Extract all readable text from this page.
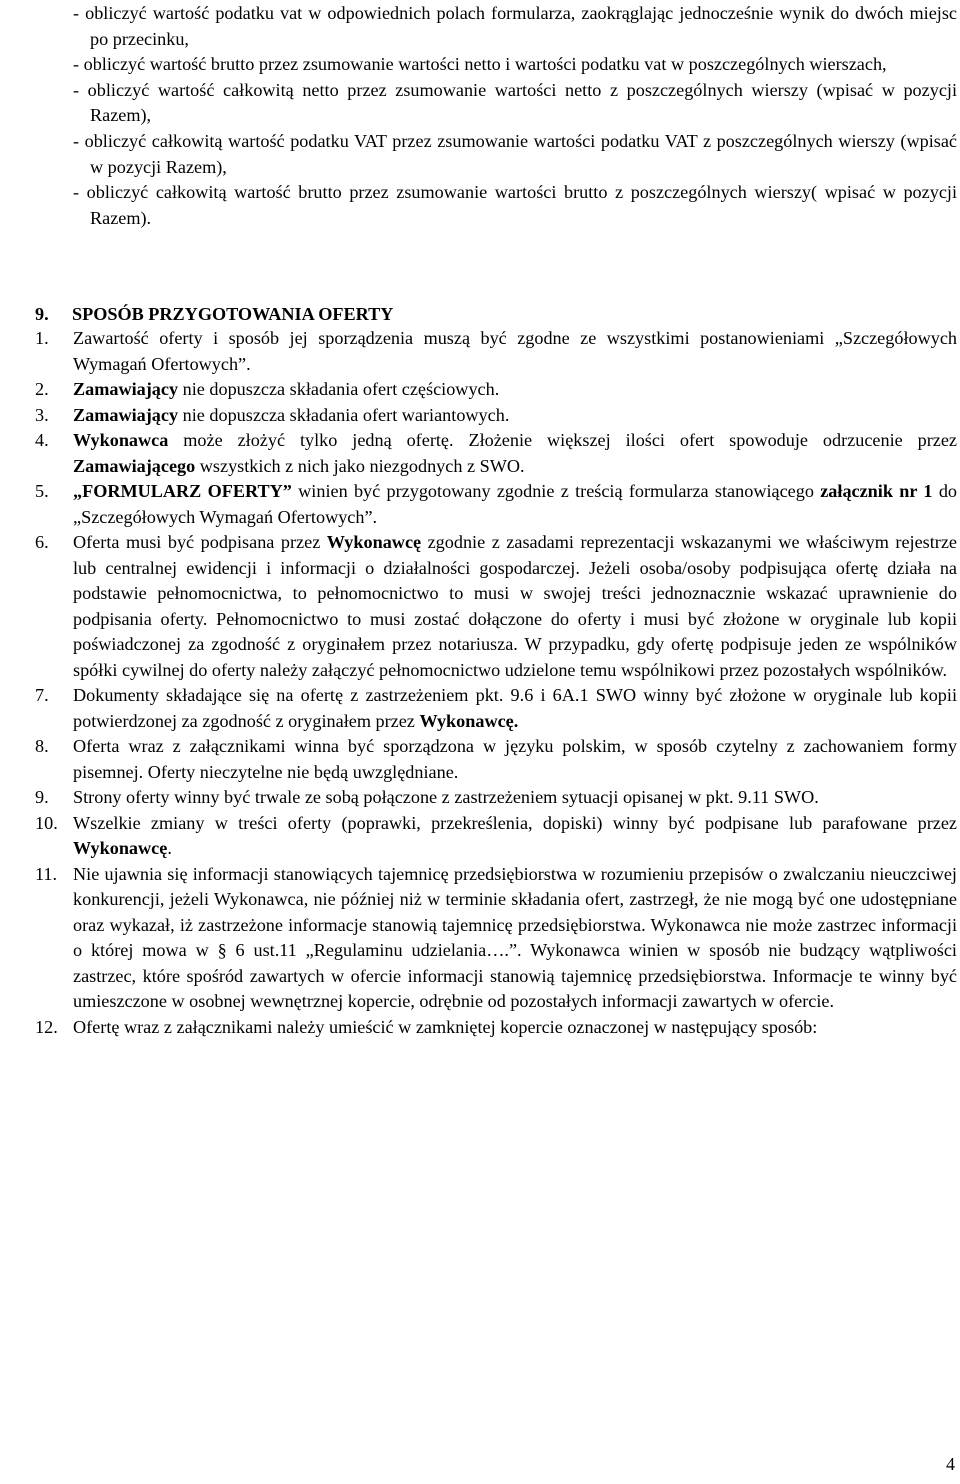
- obliczyć wartość podatku vat w odpowiednich polach formularza, zaokrąglając jednocześnie wynik do dwóch miejsc po przecinku,

- obliczyć wartość brutto przez zsumowanie wartości netto i wartości podatku vat w poszczególnych wierszach,

- obliczyć wartość całkowitą netto przez zsumowanie wartości netto z poszczególnych wierszy (wpisać w pozycji Razem),

- obliczyć całkowitą wartość podatku VAT przez zsumowanie wartości podatku VAT z poszczególnych wierszy (wpisać w pozycji Razem),

- obliczyć całkowitą wartość brutto przez zsumowanie wartości brutto z poszczególnych wierszy( wpisać w pozycji Razem).

9. SPOSÓB PRZYGOTOWANIA OFERTY

1.	Zawartość oferty i sposób jej sporządzenia muszą być zgodne ze wszystkimi postanowieniami „Szczegółowych Wymagań Ofertowych”.
2.	Zamawiający nie dopuszcza składania ofert częściowych.
3.	Zamawiający nie dopuszcza składania ofert wariantowych.
4.	Wykonawca może złożyć tylko jedną ofertę. Złożenie większej ilości ofert spowoduje odrzucenie przez Zamawiającego wszystkich z nich jako niezgodnych z SWO.
5.	„FORMULARZ OFERTY” winien być przygotowany zgodnie z treścią formularza stanowiącego załącznik nr 1 do „Szczegółowych Wymagań Ofertowych”.
6.	Oferta musi być podpisana przez Wykonawcę zgodnie z zasadami reprezentacji wskazanymi we właściwym rejestrze lub centralnej ewidencji i informacji o działalności gospodarczej. Jeżeli osoba/osoby podpisująca ofertę działa na podstawie pełnomocnictwa, to pełnomocnictwo to musi w swojej treści jednoznacznie wskazać uprawnienie do podpisania oferty. Pełnomocnictwo to musi zostać dołączone do oferty i musi być złożone w oryginale lub kopii poświadczonej za zgodność z oryginałem przez notariusza. W przypadku, gdy ofertę podpisuje jeden ze wspólników spółki cywilnej do oferty należy załączyć pełnomocnictwo udzielone temu wspólnikowi przez pozostałych wspólników.
7.	Dokumenty składające się na ofertę z zastrzeżeniem pkt. 9.6 i 6A.1 SWO winny być złożone w oryginale lub kopii potwierdzonej za zgodność z oryginałem przez Wykonawcę.
8.	Oferta wraz z załącznikami winna być sporządzona w języku polskim, w sposób czytelny z zachowaniem formy pisemnej. Oferty nieczytelne nie będą uwzględniane.
9.	Strony oferty winny być trwale ze sobą połączone z zastrzeżeniem sytuacji opisanej w pkt. 9.11 SWO.
10. Wszelkie zmiany w treści oferty (poprawki, przekreślenia, dopiski) winny być podpisane lub parafowane przez Wykonawcę.
11. Nie ujawnia się informacji stanowiących tajemnicę przedsiębiorstwa w rozumieniu przepisów o zwalczaniu nieuczciwej konkurencji, jeżeli Wykonawca, nie później niż w terminie składania ofert, zastrzegł, że nie mogą być one udostępniane oraz wykazał, iż zastrzeżone informacje stanowią tajemnicę przedsiębiorstwa. Wykonawca nie może zastrzec informacji o której mowa w § 6 ust.11 „Regulaminu udzielania….”. Wykonawca winien w sposób nie budzący wątpliwości zastrzec, które spośród zawartych w ofercie informacji stanowią tajemnicę przedsiębiorstwa. Informacje te winny być umieszczone w osobnej wewnętrznej kopercie, odrębnie od pozostałych informacji zawartych w ofercie.
12. Ofertę wraz z załącznikami należy umieścić w zamkniętej kopercie oznaczonej w następujący sposób:
4
